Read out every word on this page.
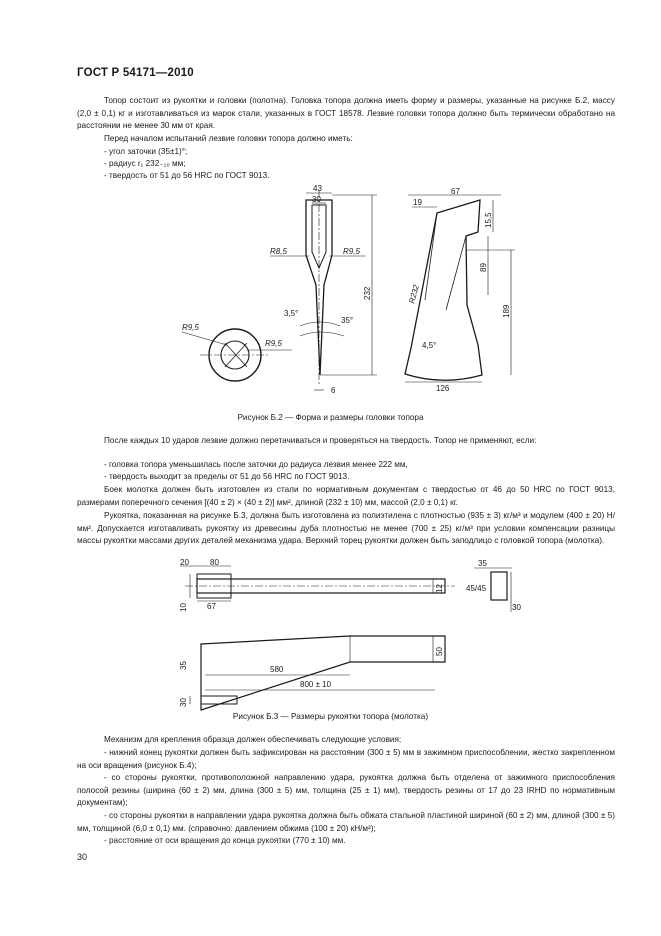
ГОСТ Р 54171—2010

Топор состоит из рукоятки и головки (полотна). Головка топора должна иметь форму и размеры, указанные на рисунке Б.2, массу (2,0 ± 0,1) кг и изготавливаться из марок стали, указанных в ГОСТ 18578. Лезвие головки топора должно быть термически обработано на расстоянии не менее 30 мм от края.

Перед началом испытаний лезвие головки топора должно иметь:

- угол заточки (35±1)°;

- радиус r₁ 232₋₁₀ мм;

- твердость от 51 до 56 HRC по ГОСТ 9013.

43
30
R8,5	R9,5
232
3,5°
35°
6
R9,5
R9,5
67
19
15,5
89
189
R232
4,5°
126
Рисунок Б.2 — Форма и размеры головки топора

После каждых 10 ударов лезвие должно перетачиваться и проверяться на твердость. Топор не применяют, если:

- головка топора уменьшилась после заточки до радиуса лезвия менее 222 мм,

- твердость выходит за пределы от 51 до 56 HRC по ГОСТ 9013.

Боек молотка должен быть изготовлен из стали по нормативным документам с твердостью от 46 до 50 HRC по ГОСТ 9013, размерами поперечного сечения [(40 ± 2) × (40 ± 2)] мм², длиной (232 ± 10) мм, массой (2,0 ± 0,1) кг.

Рукоятка, показанная на рисунке Б.3, должна быть изготовлена из полиэтилена с плотностью (935 ± 3) кг/м³ и модулем (400 ± 20) Н/мм². Допускается изготавливать рукоятку из древесины дуба плотностью не менее (700 ± 25) кг/м³ при условии компенсации разницы массы рукоятки массами других деталей механизма удара. Верхний торец рукоятки должен быть заподлицо с головкой топора (молотка).

20	80
10 67
12
35
45/45
30
35
30
50
580
800 ± 10
Рисунок Б.3 — Размеры рукоятки топора (молотка)

Механизм для крепления образца должен обеспечивать следующие условия:

- нижний конец рукоятки должен быть зафиксирован на расстоянии (300 ± 5) мм в зажимном приспособлении, жестко закрепленном на оси вращения (рисунок Б.4);

- со стороны рукоятки, противоположной направлению удара, рукоятка должна быть отделена от зажимного приспособления полосой резины (ширина (60 ± 2) мм, длина (300 ± 5) мм, толщина (25 ± 1) мм), твердость резины от 17 до 23 IRHD по нормативным документам);

- со стороны рукоятки в направлении удара рукоятка должна быть обжата стальной пластиной шириной (60 ± 2) мм, длиной (300 ± 5) мм, толщиной (6,0 ± 0,1) мм. (справочно: давлением обжима (100 ± 20) кН/м²);

- расстояние от оси вращения до конца рукоятки (770 ± 10) мм.

30
